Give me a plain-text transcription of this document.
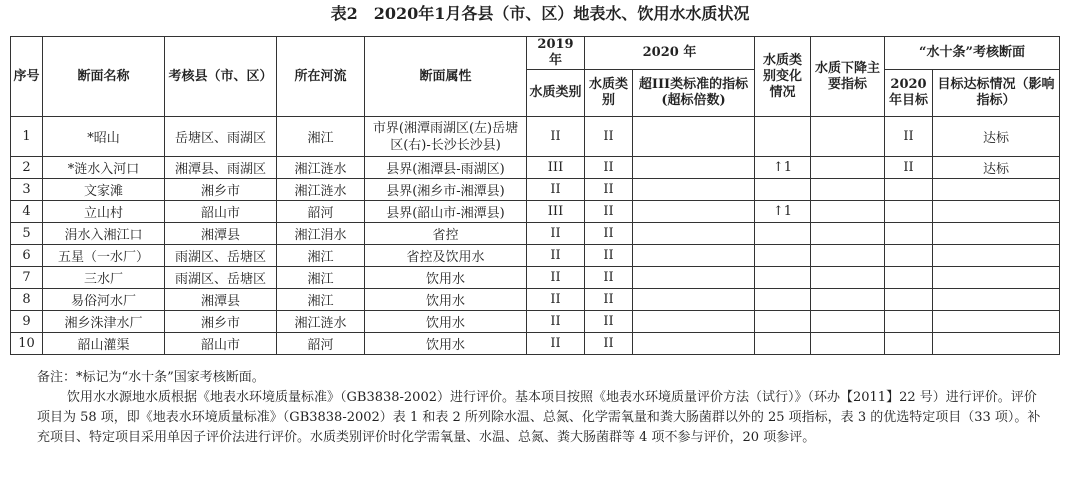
表2　2020年1月各县（市、区）地表水、饮用水水质状况
序号	断面名称	考核县（市、区）	所在河流	断面属性	2019 年	2020 年		水质类别变化情况	水质下降主要指标	“水十条”考核断面	
					水质类别	水质类别	超III类标准的指标(超标倍数)			2020 年目标	目标达标情况（影响指标）
1	*昭山	岳塘区、雨湖区	湘江	市界(湘潭雨湖区(左)岳塘区(右)-长沙长沙县)	II	II				II	达标
2	*涟水入河口	湘潭县、雨湖区	湘江涟水	县界(湘潭县-雨湖区)	III	II		↑1		II	达标
3	文家滩	湘乡市	湘江涟水	县界(湘乡市-湘潭县)	II	II					
4	立山村	韶山市	韶河	县界(韶山市-湘潭县)	III	II		↑1			
5	涓水入湘江口	湘潭县	湘江涓水	省控	II	II					
6	五星（一水厂）	雨湖区、岳塘区	湘江	省控及饮用水	II	II					
7	三水厂	雨湖区、岳塘区	湘江	饮用水	II	II					
8	易俗河水厂	湘潭县	湘江	饮用水	II	II					
9	湘乡洙津水厂	湘乡市	湘江涟水	饮用水	II	II					
10	韶山灌渠	韶山市	韶河	饮用水	II	II					

备注：*标记为“水十条”国家考核断面。

饮用水水源地水质根据《地表水环境质量标准》（GB3838-2002）进行评价。基本项目按照《地表水环境质量评价方法（试行）》（环办【2011】22 号）进行评价。评价项目为 58 项，即《地表水环境质量标准》（GB3838-2002）表 1 和表 2 所列除水温、总氮、化学需氧量和粪大肠菌群以外的 25 项指标，表 3 的优选特定项目（33 项）。补充项目、特定项目采用单因子评价法进行评价。水质类别评价时化学需氧量、水温、总氮、粪大肠菌群等 4 项不参与评价，20 项参评。
